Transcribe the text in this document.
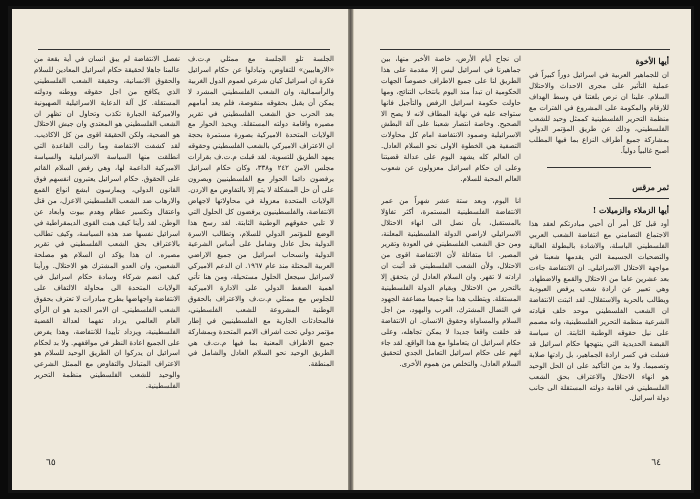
الجلسة تلو الجلسة مع ممثلي م.ت.ف «الارهابيين» للتفاوض، وتبادلوا عن حكام اسرائيل فكرة ان اسرائيل كيان شرعي لعموم الدول الغربية والرأسمالية، وان الشعب الفلسطيني المشرد لا يمكن أن يقبل بحقوقه منقوصة، فلم يعد أمامهم بعد الحرب حق الشعب الفلسطيني في تقرير مصيره واقامة دولته المستقلة. ويحبذ الحوار مع الولايات المتحدة الاميركية بصورة مستمرة بحجة ان الاعتراف الاميركي بالشعب الفلسطيني وحقوقه يمهد الطريق للتسوية. لقد قبلت م.ت.ف بقرارات مجلس الامن ٢٤٢ و٣٣٨، وكان حكام اسرائيل يرفضون دائما الحوار مع الفلسطينيين ويصرون على أن حل المشكلة لا يتم إلا بالتفاوض مع الاردن. الولايات المتحدة معزولة في محاولاتها لاجهاض الانتفاضة، والفلسطينيون يرفضون كل الحلول التي لا تلبي حقوقهم الوطنية الثابتة. لقد رسخ هذا الوضع للمؤتمر الدولي للسلام، وتطالب الاسرة الدولية بحل عادل وشامل على أساس الشرعية الدولية وانسحاب اسرائيل من جميع الاراضي العربية المحتلة منذ عام ١٩٦٧. ان الدعم الاميركي لاسرائيل سيجعل الحلول مستحيلة، ومن هنا تأتي اهمية الضغط الدولي على الادارة الاميركية للجلوس مع ممثلي م.ت.ف والاعتراف بالحقوق الوطنية المشروعة للشعب الفلسطيني، فالمحادثات الجارية مع الفلسطينيين في إطار مؤتمر دولي تحت اشراف الامم المتحدة وبمشاركة جميع الاطراف المعنية بما فيها م.ت.ف هي الطريق الوحيد نحو السلام العادل والشامل في المنطقة.

نفصل الانتفاضة لم يبق انسان في أية بقعة من عالمنا جاهلا لحقيقة حكام اسرائيل المعادين للسلام والحقوق الانسانية، وحقيقة الشعب الفلسطيني الذي يكافح من اجل حقوقه ووطنه ودولته المستقلة. كل آلة الدعاية الاسرائيلية الصهيونية والاميركية الجبارة تكذب وتحاول ان تظهر ان الشعب الفلسطيني هو المعتدي وان جيش الاحتلال هو الضحية، ولكن الحقيقة اقوى من كل الاكاذيب. لقد كشفت الانتفاضة وما زالت القاعدة التي انطلقت منها السياسة الاسرائيلية والسياسة الاميركية الداعمة لها، وهي رفض السلام القائم على الحقوق. حكام اسرائيل يعتبرون انفسهم فوق القانون الدولي، ويمارسون ابشع انواع القمع والارهاب ضد الشعب الفلسطيني الاعزل، من قتل واعتقال وتكسير عظام وهدم بيوت وابعاد عن الوطن. لقد رأينا كيف هبت القوى الديمقراطية في اسرائيل نفسها ضد هذه السياسة، وكيف تطالب بالاعتراف بحق الشعب الفلسطيني في تقرير مصيره. ان هذا يؤكد ان السلام هو مصلحة الشعبين، وان العدو المشترك هو الاحتلال. ورأينا كيف انضم شركاء وسادة حكام اسرائيل في الولايات المتحدة الى محاولة الالتفاف على الانتفاضة واجهاضها بطرح مبادرات لا تعترف بحقوق الشعب الفلسطيني. ان الامر الجديد هو ان الرأي العام العالمي يزداد تفهما لعدالة القضية الفلسطينية، ويزداد تأييدا للانتفاضة، وهذا يفرض على الجميع اعادة النظر في مواقفهم. ولا بد لحكام اسرائيل ان يدركوا ان الطريق الوحيد للسلام هو الاعتراف المتبادل والتفاوض مع الممثل الشرعي والوحيد للشعب الفلسطيني منظمة التحرير الفلسطينية.

٦٥
أيها الأخوة

ان للجماهير العربية في اسرائيل دوراً كبيراً في عملية التأثير على مجرى الاحداث والاحتلال السلام. علينا ان نرص بلغتنا في وسط الهداف للارقام والمكومة على المشروع في الفترات مع منظمة التحرير الفلسطينية كممثل وحيد للشعب الفلسطيني، وذلك عن طريق المؤتمر الدولي بمشاركة جميع أطراف النزاع بما فيها المطلب أصبح غالبياً دولياً.

ثمر مرقس
أيها الزملاء والزميلات !

أود قبل كل أمر أن أحيي مبادرتكم لعقد هذا الاجتماع التضامني مع انتفاضة الشعب العربي الفلسطيني الباسلة، والاشادة بالبطولة العالية والتضحيات الجسيمة التي يقدمها شعبنا في مواجهة الاحتلال الاسرائيلي. ان الانتفاضة جاءت بعد عشرين عاما من الاحتلال والقمع والاضطهاد، وهي تعبير عن ارادة شعب يرفض العبودية ويطالب بالحرية والاستقلال. لقد اثبتت الانتفاضة ان الشعب الفلسطيني موحد خلف قيادته الشرعية منظمة التحرير الفلسطينية، وانه مصمم على نيل حقوقه الوطنية الثابتة. ان سياسة القبضة الحديدية التي ينتهجها حكام اسرائيل قد فشلت في كسر ارادة الجماهير، بل زادتها صلابة وتصميما. ولا بد من التأكيد على ان الحل الوحيد هو انهاء الاحتلال والاعتراف بحق الشعب الفلسطيني في اقامة دولته المستقلة الى جانب دولة اسرائيل.

ان نجاح أيام الأرض، خاصة الأخير منها، بين جماهيرنا في اسرائيل ليس إلا مقدمة على هذا الطريق لنا على جميع الاطراف خصوصاً الجهات الحكومية ان تبدأ منذ اليوم بانتخاب التنائج، ومها حاولت حكومة اسرائيل الرفض والتأجيل فانها ستواجه عليه في نهاية المطاف لانه لا يصح الا الصحيح. وخاصة انتصار شعبنا على آلة البطش الاسرائيلية وصمود الانتفاضة امام كل محاولات التصفية هي الخطوة الاولى نحو السلام العادل. ان العالم كله يشهد اليوم على عدالة قضيتنا وعلى ان حكام اسرائيل معزولون عن شعوب العالم المحبة للسلام.

انا اليوم، وبعد ستة عشر شهراً من عمر الانتفاضة الفلسطينية المستمرة، أكثر تفاؤلا بالمستقبل، بأن نصل الى انهاء الاحتلال الاسرائيلي لاراضي الدولة الفلسطينية المعلنة، ومن حق الشعب الفلسطيني في العودة وتقرير المصير. انا متفائلة لأن الانتفاضة اقوى من الاحتلال، ولأن الشعب الفلسطيني قد أثبت ان ارادته لا تقهر. وان السلام العادل لن يتحقق إلا بالتحرر من الاحتلال وبقيام الدولة الفلسطينية المستقلة. ويتطلب هذا منا جميعا مضاعفة الجهود في النضال المشترك، العرب واليهود، من اجل السلام والمساواة وحقوق الانسان. ان الانتفاضة قد خلقت واقعا جديدا لا يمكن تجاهله، وعلى حكام اسرائيل ان يتعاملوا مع هذا الواقع. لقد جاء انهم على حكام اسرائيل التعامل الجدي لتحقيق السلام العادل، والتخلص من هموم الأخرى.

٦٤
